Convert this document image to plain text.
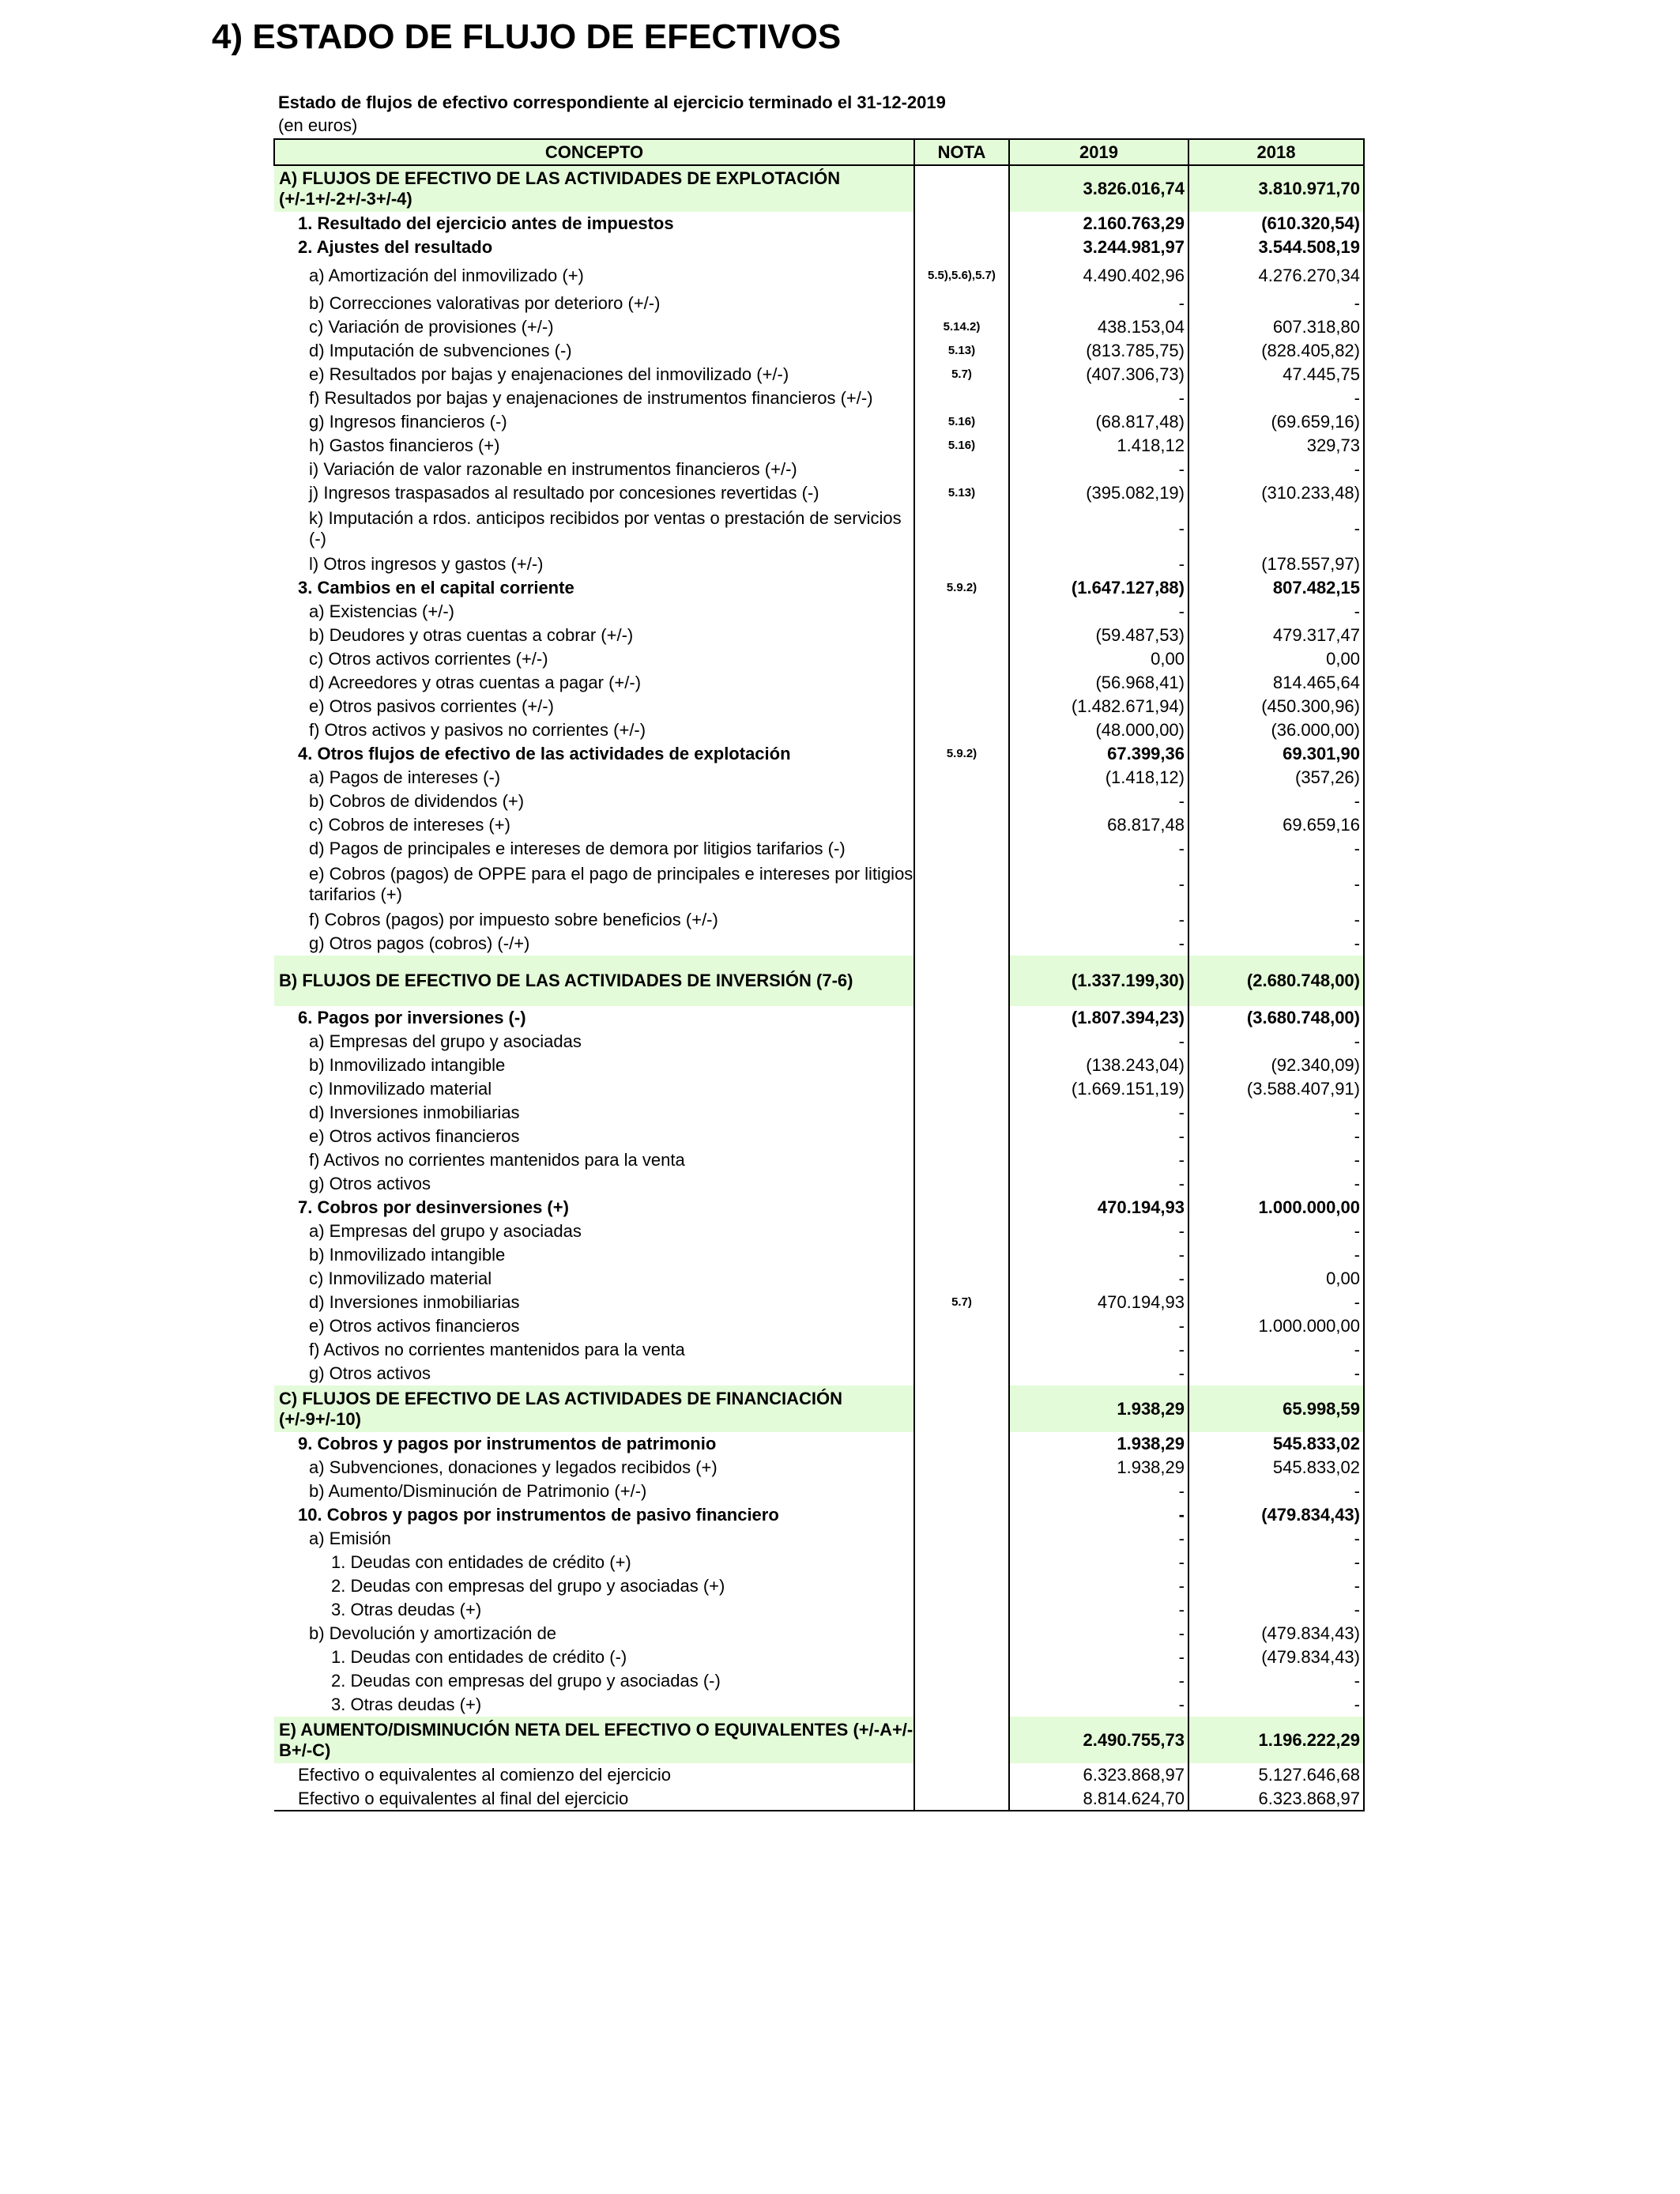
4) ESTADO DE FLUJO DE EFECTIVOS
Estado de flujos de efectivo correspondiente al ejercicio terminado el 31-12-2019
(en euros)
CONCEPTO	NOTA	2019	2018
A) FLUJOS DE EFECTIVO DE LAS ACTIVIDADES DE EXPLOTACIÓN (+/-1+/-2+/-3+/-4)		3.826.016,74	3.810.971,70
1. Resultado del ejercicio antes de impuestos		2.160.763,29	(610.320,54)
2. Ajustes del resultado		3.244.981,97	3.544.508,19
a) Amortización del inmovilizado (+)	5.5),5.6),5.7)	4.490.402,96	4.276.270,34
b) Correcciones valorativas por deterioro (+/-)		-	-
c) Variación de provisiones (+/-)	5.14.2)	438.153,04	607.318,80
d) Imputación de subvenciones (-)	5.13)	(813.785,75)	(828.405,82)
e) Resultados por bajas y enajenaciones del inmovilizado (+/-)	5.7)	(407.306,73)	47.445,75
f) Resultados por bajas y enajenaciones de instrumentos financieros (+/-)		-	-
g) Ingresos financieros (-)	5.16)	(68.817,48)	(69.659,16)
h) Gastos financieros (+)	5.16)	1.418,12	329,73
i) Variación de valor razonable en instrumentos financieros (+/-)		-	-
j) Ingresos traspasados al resultado por concesiones revertidas (-)	5.13)	(395.082,19)	(310.233,48)
k) Imputación a rdos. anticipos recibidos por ventas o prestación de servicios (-)		-	-
l) Otros ingresos y gastos (+/-)		-	(178.557,97)
3. Cambios en el capital corriente	5.9.2)	(1.647.127,88)	807.482,15
a) Existencias (+/-)		-	-
b) Deudores y otras cuentas a cobrar (+/-)		(59.487,53)	479.317,47
c) Otros activos corrientes (+/-)		0,00	0,00
d) Acreedores y otras cuentas a pagar (+/-)		(56.968,41)	814.465,64
e) Otros pasivos corrientes (+/-)		(1.482.671,94)	(450.300,96)
f) Otros activos y pasivos no corrientes (+/-)		(48.000,00)	(36.000,00)
4. Otros flujos de efectivo de las actividades de explotación	5.9.2)	67.399,36	69.301,90
a) Pagos de intereses (-)		(1.418,12)	(357,26)
b) Cobros de dividendos (+)		-	-
c) Cobros de intereses (+)		68.817,48	69.659,16
d) Pagos de principales e intereses de demora por litigios tarifarios (-)		-	-
e) Cobros (pagos) de OPPE para el pago de principales e intereses por litigios tarifarios (+)		-	-
f) Cobros (pagos) por impuesto sobre beneficios (+/-)		-	-
g) Otros pagos (cobros) (-/+)		-	-
B) FLUJOS DE EFECTIVO DE LAS ACTIVIDADES DE INVERSIÓN (7-6)		(1.337.199,30)	(2.680.748,00)
6. Pagos por inversiones (-)		(1.807.394,23)	(3.680.748,00)
a) Empresas del grupo y asociadas		-	-
b) Inmovilizado intangible		(138.243,04)	(92.340,09)
c) Inmovilizado material		(1.669.151,19)	(3.588.407,91)
d) Inversiones inmobiliarias		-	-
e) Otros activos financieros		-	-
f) Activos no corrientes mantenidos para la venta		-	-
g) Otros activos		-	-
7. Cobros por desinversiones (+)		470.194,93	1.000.000,00
a) Empresas del grupo y asociadas		-	-
b) Inmovilizado intangible		-	-
c) Inmovilizado material		-	0,00
d) Inversiones inmobiliarias	5.7)	470.194,93	-
e) Otros activos financieros		-	1.000.000,00
f) Activos no corrientes mantenidos para la venta		-	-
g) Otros activos		-	-
C) FLUJOS DE EFECTIVO DE LAS ACTIVIDADES DE FINANCIACIÓN (+/-9+/-10)		1.938,29	65.998,59
9. Cobros y pagos por instrumentos de patrimonio		1.938,29	545.833,02
a) Subvenciones, donaciones y legados recibidos (+)		1.938,29	545.833,02
b) Aumento/Disminución de Patrimonio (+/-)		-	-
10. Cobros y pagos por instrumentos de pasivo financiero		-	(479.834,43)
a) Emisión		-	-
1. Deudas con entidades de crédito (+)		-	-
2. Deudas con empresas del grupo y asociadas (+)		-	-
3. Otras deudas (+)		-	-
b) Devolución y amortización de		-	(479.834,43)
1. Deudas con entidades de crédito (-)		-	(479.834,43)
2. Deudas con empresas del grupo y asociadas (-)		-	-
3. Otras deudas (+)		-	-
E) AUMENTO/DISMINUCIÓN NETA DEL EFECTIVO O EQUIVALENTES (+/-A+/-B+/-C)		2.490.755,73	1.196.222,29
Efectivo o equivalentes al comienzo del ejercicio		6.323.868,97	5.127.646,68
Efectivo o equivalentes al final del ejercicio		8.814.624,70	6.323.868,97
